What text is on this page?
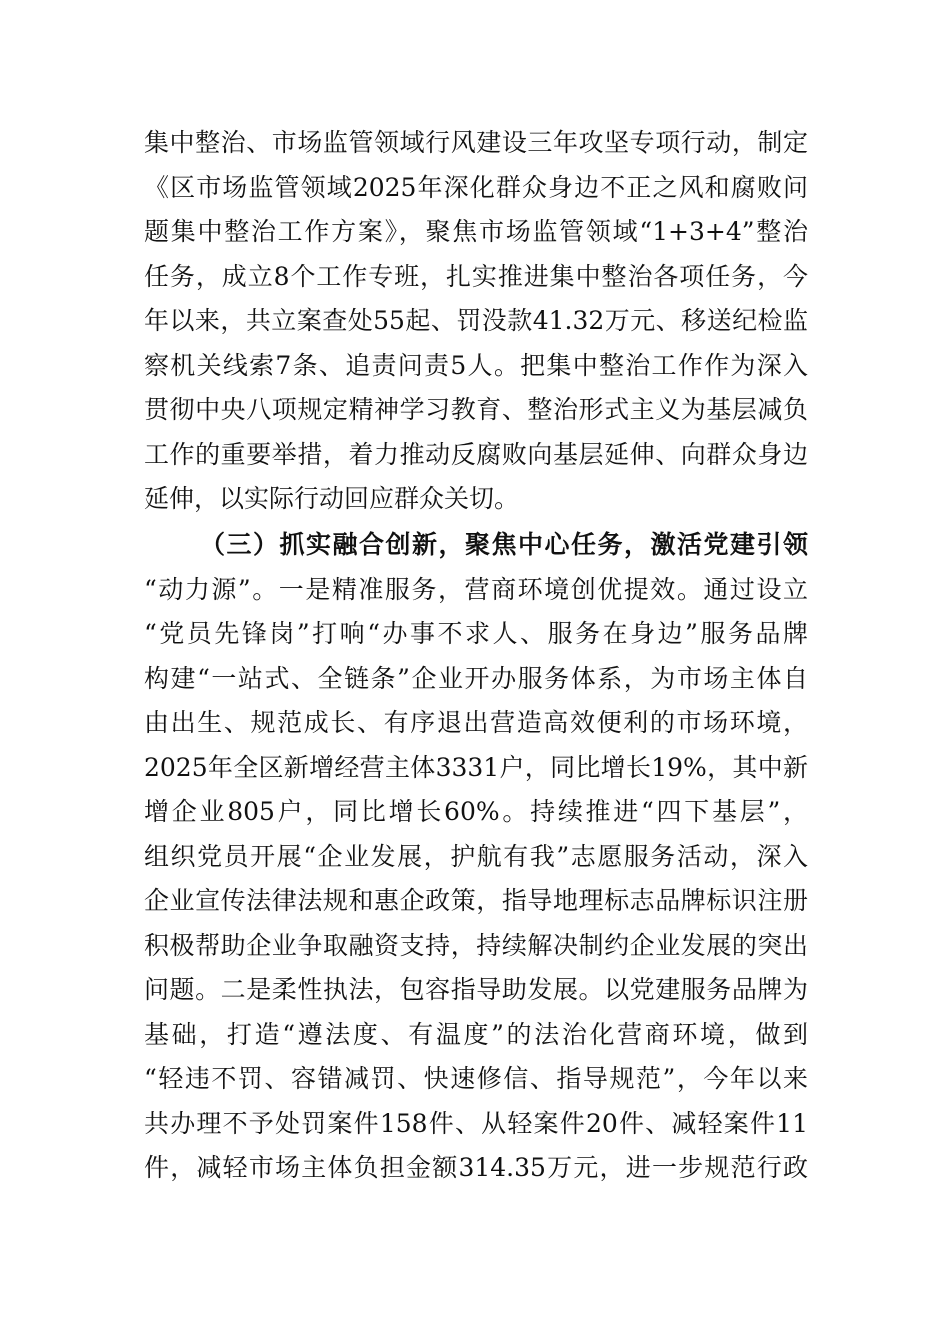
集中整治、市场监管领域行风建设三年攻坚专项行动，制定
《区市场监管领域2025年深化群众身边不正之风和腐败问
题集中整治工作方案》，聚焦市场监管领域“1+3+4”整治
任务，成立8个工作专班，扎实推进集中整治各项任务，今
年以来，共立案查处55起、罚没款41.32万元、移送纪检监
察机关线索7条、追责问责5人。把集中整治工作作为深入
贯彻中央八项规定精神学习教育、整治形式主义为基层减负
工作的重要举措，着力推动反腐败向基层延伸、向群众身边
延伸，以实际行动回应群众关切。
（三）抓实融合创新，聚焦中心任务，激活党建引领
“动力源”。一是精准服务，营商环境创优提效。通过设立
“党员先锋岗”打响“办事不求人、服务在身边”服务品牌
构建“一站式、全链条”企业开办服务体系，为市场主体自
由出生、规范成长、有序退出营造高效便利的市场环境，
2025年全区新增经营主体3331户，同比增长19%，其中新
增企业805户，同比增长60%。持续推进“四下基层”，
组织党员开展“企业发展，护航有我”志愿服务活动，深入
企业宣传法律法规和惠企政策，指导地理标志品牌标识注册
积极帮助企业争取融资支持，持续解决制约企业发展的突出
问题。二是柔性执法，包容指导助发展。以党建服务品牌为
基础，打造“遵法度、有温度”的法治化营商环境，做到
“轻违不罚、容错减罚、快速修信、指导规范”，今年以来
共办理不予处罚案件158件、从轻案件20件、减轻案件11
件，减轻市场主体负担金额314.35万元，进一步规范行政
